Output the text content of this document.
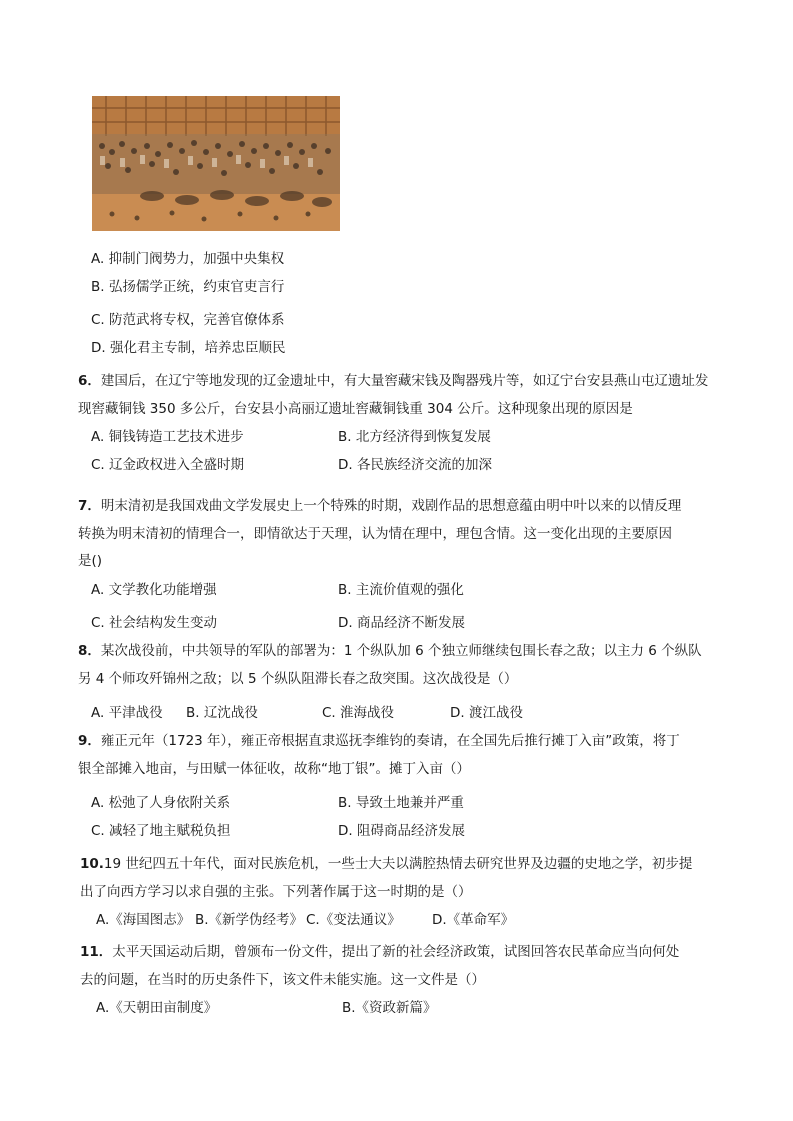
A. 抑制门阀势力，加强中央集权
B. 弘扬儒学正统，约束官吏言行
C. 防范武将专权，完善官僚体系
D. 强化君主专制，培养忠臣顺民
6．建国后，在辽宁等地发现的辽金遗址中，有大量窖藏宋钱及陶器残片等，如辽宁台安县燕山屯辽遗址发
现窖藏铜钱 350 多公斤，台安县小高丽辽遗址窖藏铜钱重 304 公斤。这种现象出现的原因是
A. 铜钱铸造工艺技术进步	B. 北方经济得到恢复发展
C. 辽金政权进入全盛时期	D. 各民族经济交流的加深
7．明末清初是我国戏曲文学发展史上一个特殊的时期，戏剧作品的思想意蕴由明中叶以来的以情反理
转换为明末清初的情理合一，即情欲达于天理，认为情在理中，理包含情。这一变化出现的主要原因
是()
A. 文学教化功能增强	B. 主流价值观的强化
C. 社会结构发生变动	D. 商品经济不断发展
8．某次战役前，中共领导的军队的部署为：1 个纵队加 6 个独立师继续包围长春之敌；以主力 6 个纵队
另 4 个师攻歼锦州之敌；以 5 个纵队阻滞长春之敌突围。这次战役是（）
A. 平津战役 B. 辽沈战役	C. 淮海战役	D. 渡江战役
9．雍正元年（1723 年），雍正帝根据直隶巡抚李维钧的奏请，在全国先后推行摊丁入亩”政策，将丁
银全部摊入地亩，与田赋一体征收，故称“地丁银”。摊丁入亩（）
A. 松弛了人身依附关系	B. 导致土地兼并严重
C. 减轻了地主赋税负担	D. 阻碍商品经济发展
10.19 世纪四五十年代，面对民族危机，一些士大夫以满腔热情去研究世界及边疆的史地之学，初步提
出了向西方学习以求自强的主张。下列著作属于这一时期的是（）
A.《海国图志》 B.《新学伪经考》 C.《变法通议》 D.《革命军》
11．太平天国运动后期，曾颁布一份文件，提出了新的社会经济政策，试图回答农民革命应当向何处
去的问题，在当时的历史条件下，该文件未能实施。这一文件是（）
A.《天朝田亩制度》	B.《资政新篇》
